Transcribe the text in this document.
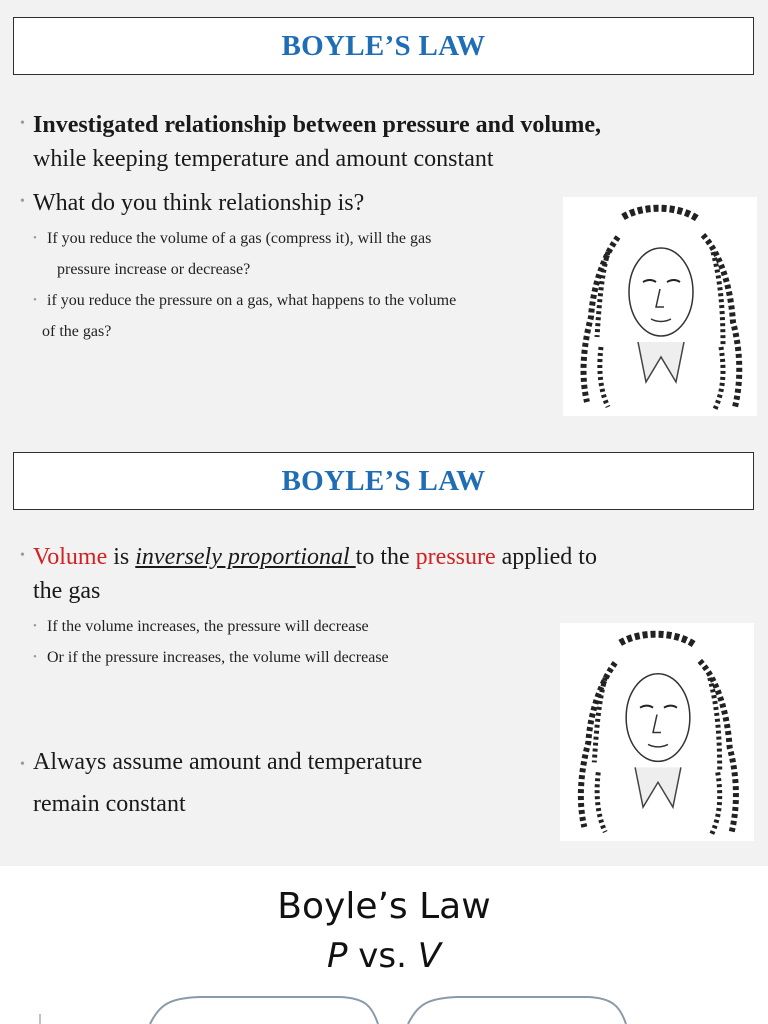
BOYLE’S LAW
• Investigated relationship between pressure and volume,
while keeping temperature and amount constant
• What do you think relationship is?
• If you reduce the volume of a gas (compress it), will the gas
pressure increase or decrease?
• if you reduce the pressure on a gas, what happens to the volume
of the gas?
BOYLE’S LAW
• Volume is inversely proportional to the pressure applied to
the gas
• If the volume increases, the pressure will decrease
• Or if the pressure increases, the volume will decrease
• Always assume amount and temperature
remain constant
Boyle’s Law
P vs. V
